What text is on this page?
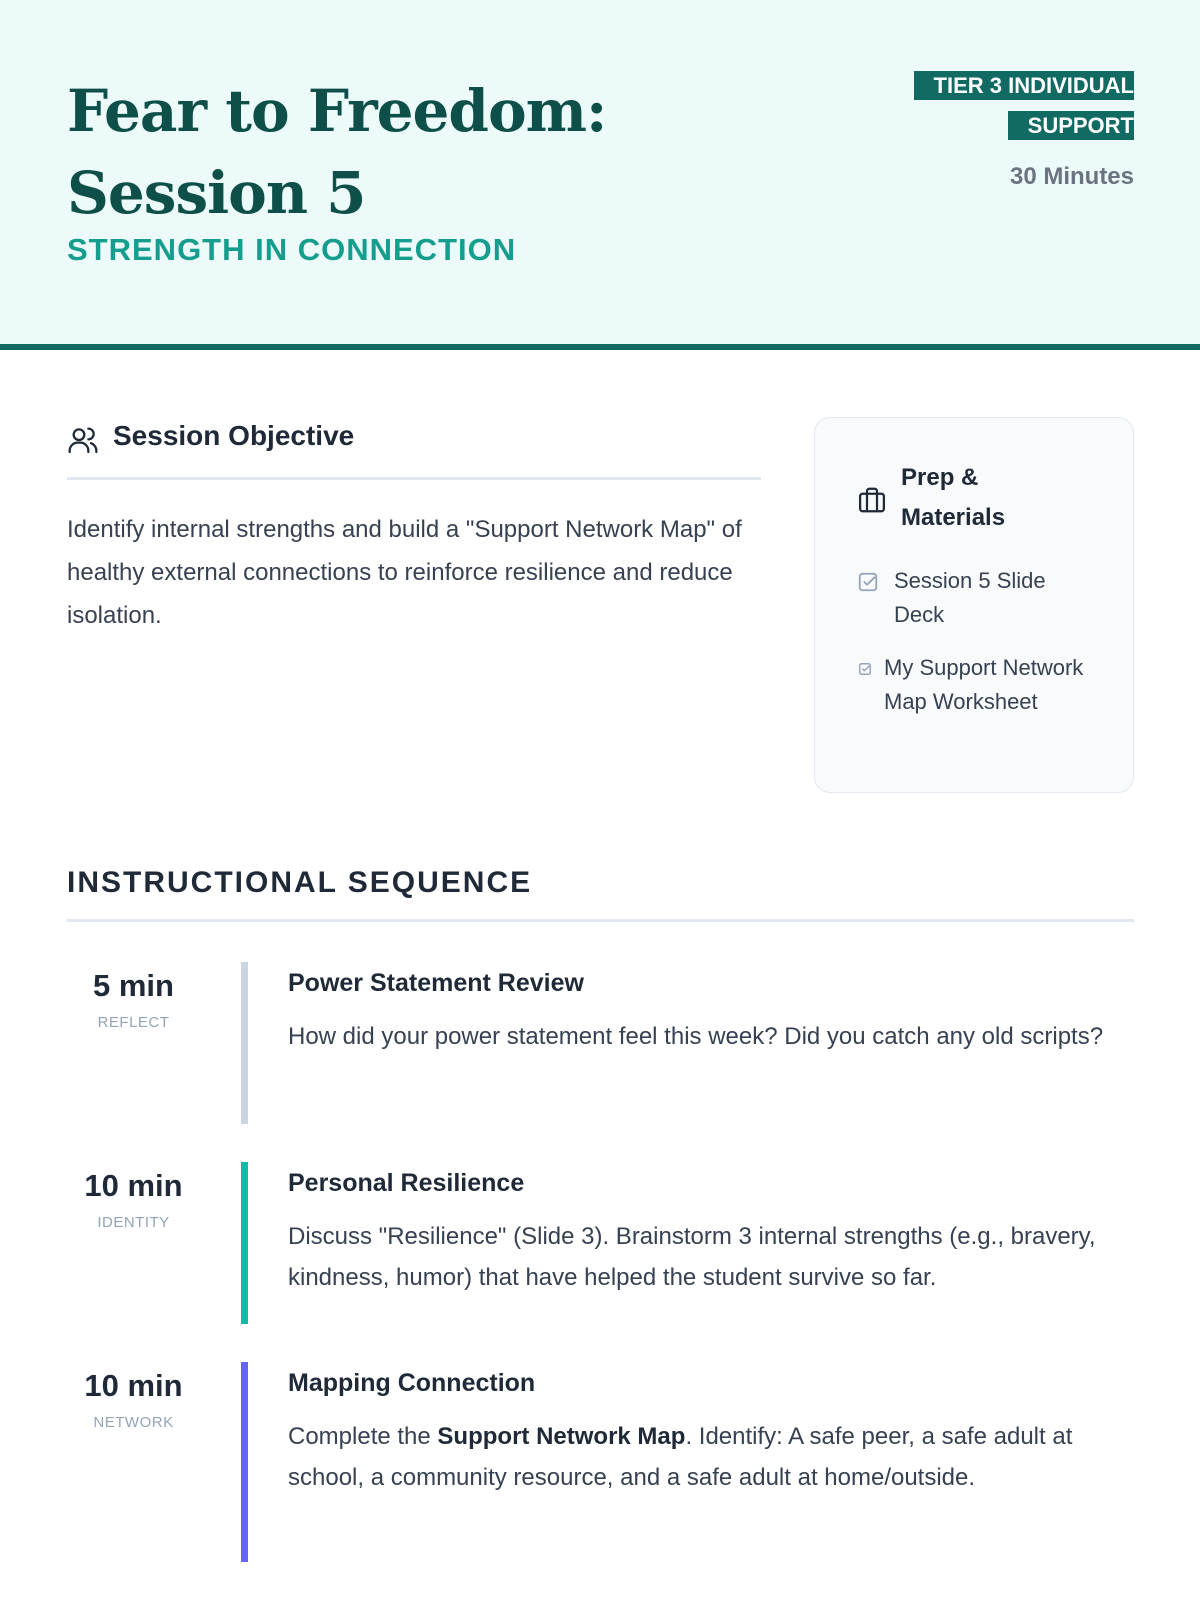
Fear to Freedom: Session 5
STRENGTH IN CONNECTION
TIER 3 INDIVIDUAL SUPPORT
30 Minutes
Session Objective

Identify internal strengths and build a "Support Network Map" of healthy external connections to reinforce resilience and reduce isolation.

Prep & Materials
Session 5 Slide Deck
My Support Network Map Worksheet
INSTRUCTIONAL SEQUENCE
5 min
REFLECT
Power Statement Review

How did your power statement feel this week? Did you catch any old scripts?

10 min
IDENTITY
Personal Resilience

Discuss "Resilience" (Slide 3). Brainstorm 3 internal strengths (e.g., bravery, kindness, humor) that have helped the student survive so far.

10 min
NETWORK
Mapping Connection

Complete the Support Network Map. Identify: A safe peer, a safe adult at school, a community resource, and a safe adult at home/outside.
